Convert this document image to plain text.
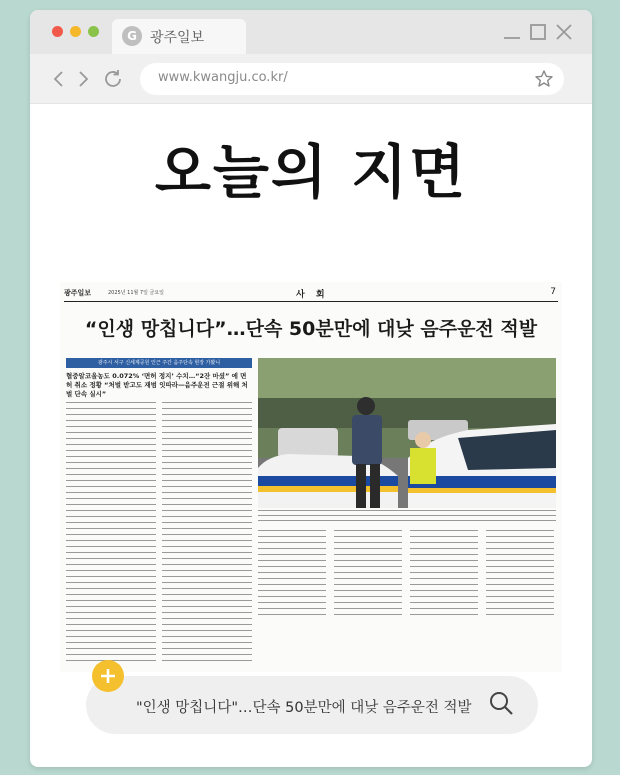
G 광주일보
www.kwangju.co.kr/
오늘의 지면
광주일보	2025년 11월 7일 금요일	사 회	7
“인생 망칩니다”…단속 50분만에 대낮 음주운전 적발
광주시 서구 신세계공원 인근 주간 음주단속 현장 가봤니
혈중알코올농도 0.072% ‘면허 정지’ 수치…“2잔 마셨” 에 면허 취소 정황 “처벌 받고도 재범 잇따라—음주운전 근절 위해 처벌 단속 실시”
"인생 망칩니다"…단속 50분만에 대낮 음주운전 적발
